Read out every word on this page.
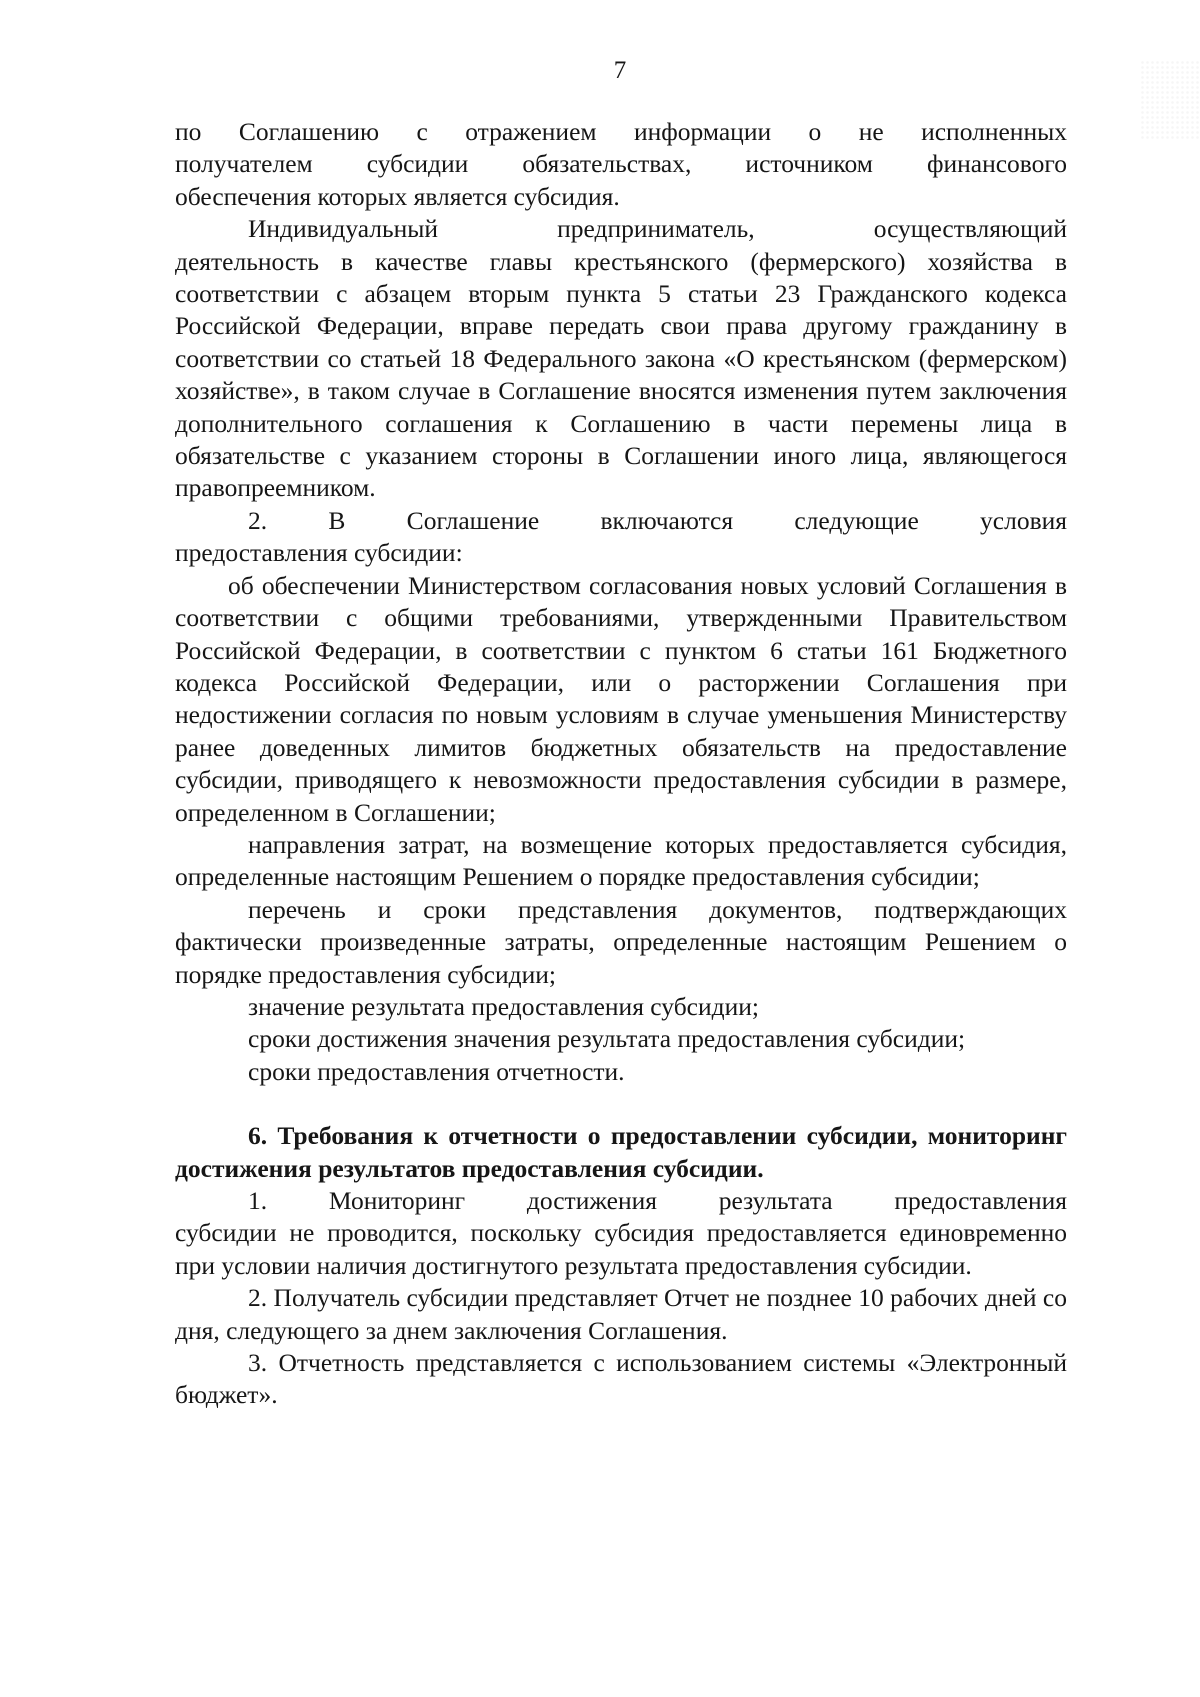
7

по Соглашению с отражением информации о не исполненных

получателем субсидии обязательствах, источником финансового

обеспечения которых является субсидия.

Индивидуальный предприниматель, осуществляющий

деятельность в качестве главы крестьянского (фермерского) хозяйства в соответствии с абзацем вторым пункта 5 статьи 23 Гражданского кодекса Российской Федерации, вправе передать свои права другому гражданину в соответствии со статьей 18 Федерального закона «О крестьянском (фермерском) хозяйстве», в таком случае в Соглашение вносятся изменения путем заключения дополнительного соглашения к Соглашению в части перемены лица в обязательстве с указанием стороны в Соглашении иного лица, являющегося правопреемником.

2. В Соглашение включаются следующие условия

предоставления субсидии:

об обеспечении Министерством согласования новых условий Соглашения в соответствии с общими требованиями, утвержденными Правительством Российской Федерации, в соответствии с пунктом 6 статьи 161 Бюджетного кодекса Российской Федерации, или о расторжении Соглашения при недостижении согласия по новым условиям в случае уменьшения Министерству ранее доведенных лимитов бюджетных обязательств на предоставление субсидии, приводящего к невозможности предоставления субсидии в размере, определенном в Соглашении;

направления затрат, на возмещение которых предоставляется субсидия, определенные настоящим Решением о порядке предоставления субсидии;

перечень и сроки представления документов, подтверждающих фактически произведенные затраты, определенные настоящим Решением о порядке предоставления субсидии;

значение результата предоставления субсидии;

сроки достижения значения результата предоставления субсидии;

сроки предоставления отчетности.

6. Требования к отчетности о предоставлении субсидии, мониторинг достижения результатов предоставления субсидии.

1. Мониторинг достижения результата предоставления

субсидии не проводится, поскольку субсидия предоставляется единовременно при условии наличия достигнутого результата предоставления субсидии.

2. Получатель субсидии представляет Отчет не позднее 10 рабочих дней со дня, следующего за днем заключения Соглашения.

3. Отчетность представляется с использованием системы «Электронный бюджет».
